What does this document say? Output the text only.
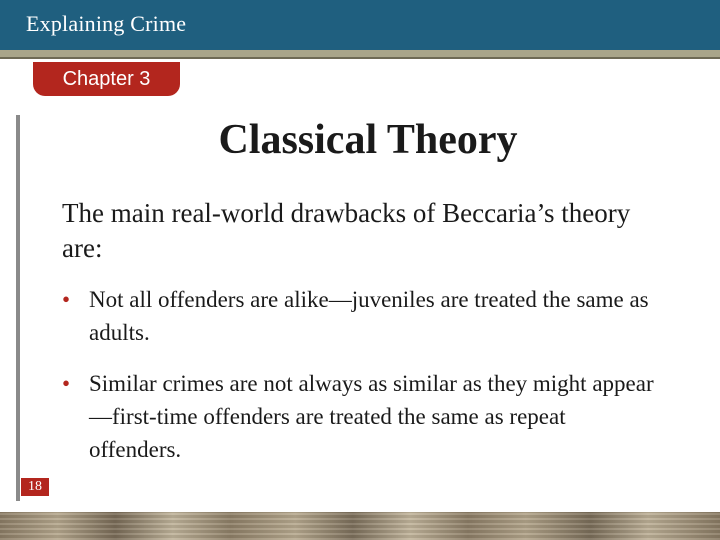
Explaining Crime
Chapter 3
Classical Theory
The main real-world drawbacks of Beccaria’s theory are:
• Not all offenders are alike—juveniles are treated the same as adults.
• Similar crimes are not always as similar as they might appear—first-time offenders are treated the same as repeat offenders.
18
